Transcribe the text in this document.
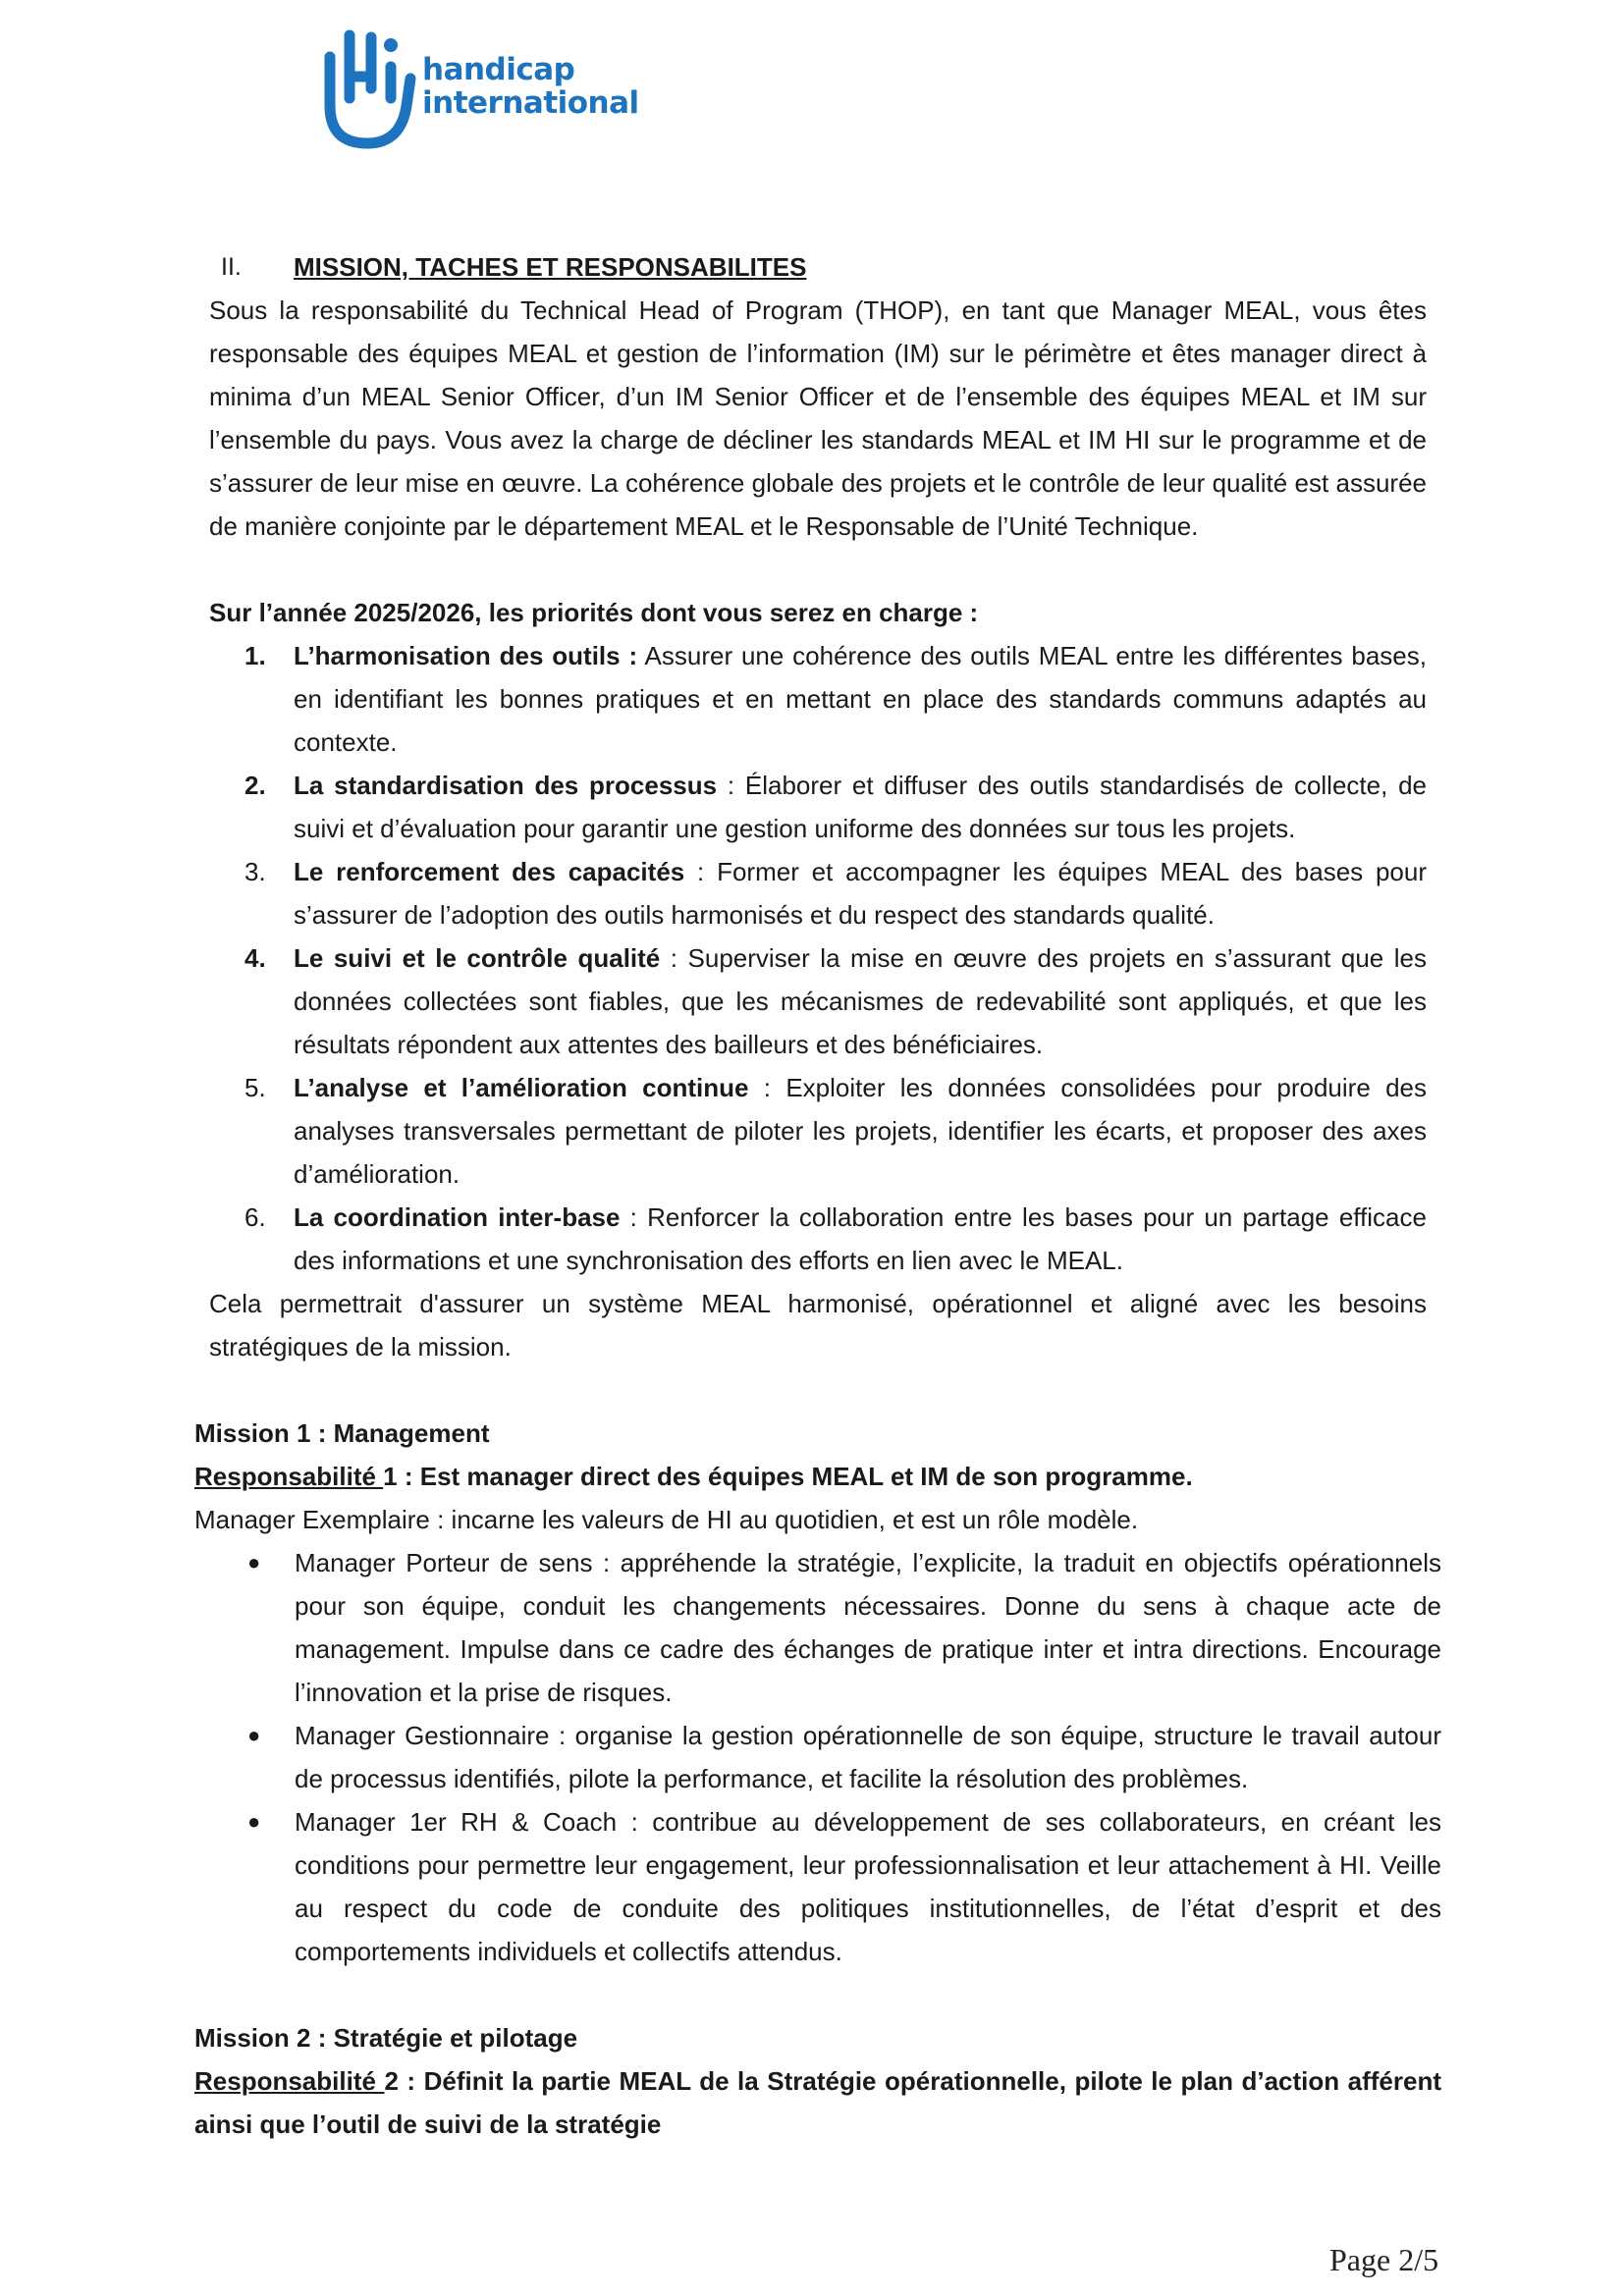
handicap
international
II. MISSION, TACHES ET RESPONSABILITES

Sous la responsabilité du Technical Head of Program (THOP), en tant que Manager MEAL, vous êtes responsable des équipes MEAL et gestion de l’information (IM) sur le périmètre et êtes manager direct à minima d’un MEAL Senior Officer, d’un IM Senior Officer et de l’ensemble des équipes MEAL et IM sur l’ensemble du pays. Vous avez la charge de décliner les standards MEAL et IM HI sur le programme et de s’assurer de leur mise en œuvre. La cohérence globale des projets et le contrôle de leur qualité est assurée de manière conjointe par le département MEAL et le Responsable de l’Unité Technique.

Sur l’année 2025/2026, les priorités dont vous serez en charge :

1. L’harmonisation des outils : Assurer une cohérence des outils MEAL entre les différentes bases, en identifiant les bonnes pratiques et en mettant en place des standards communs adaptés au contexte.
2. La standardisation des processus : Élaborer et diffuser des outils standardisés de collecte, de suivi et d’évaluation pour garantir une gestion uniforme des données sur tous les projets.
3. Le renforcement des capacités : Former et accompagner les équipes MEAL des bases pour s’assurer de l’adoption des outils harmonisés et du respect des standards qualité.
4. Le suivi et le contrôle qualité : Superviser la mise en œuvre des projets en s’assurant que les données collectées sont fiables, que les mécanismes de redevabilité sont appliqués, et que les résultats répondent aux attentes des bailleurs et des bénéficiaires.
5. L’analyse et l’amélioration continue : Exploiter les données consolidées pour produire des analyses transversales permettant de piloter les projets, identifier les écarts, et proposer des axes d’amélioration.
6. La coordination inter-base : Renforcer la collaboration entre les bases pour un partage efficace des informations et une synchronisation des efforts en lien avec le MEAL.

Cela permettrait d'assurer un système MEAL harmonisé, opérationnel et aligné avec les besoins stratégiques de la mission.

Mission 1 : Management

Responsabilité 1 : Est manager direct des équipes MEAL et IM de son programme.

Manager Exemplaire : incarne les valeurs de HI au quotidien, et est un rôle modèle.

● Manager Porteur de sens : appréhende la stratégie, l’explicite, la traduit en objectifs opérationnels pour son équipe, conduit les changements nécessaires. Donne du sens à chaque acte de management. Impulse dans ce cadre des échanges de pratique inter et intra directions. Encourage l’innovation et la prise de risques.
● Manager Gestionnaire : organise la gestion opérationnelle de son équipe, structure le travail autour de processus identifiés, pilote la performance, et facilite la résolution des problèmes.
● Manager 1er RH & Coach : contribue au développement de ses collaborateurs, en créant les conditions pour permettre leur engagement, leur professionnalisation et leur attachement à HI. Veille au respect du code de conduite des politiques institutionnelles, de l’état d’esprit et des comportements individuels et collectifs attendus.

Mission 2 : Stratégie et pilotage

Responsabilité 2 : Définit la partie MEAL de la Stratégie opérationnelle, pilote le plan d’action afférent ainsi que l’outil de suivi de la stratégie

Page 2/5
